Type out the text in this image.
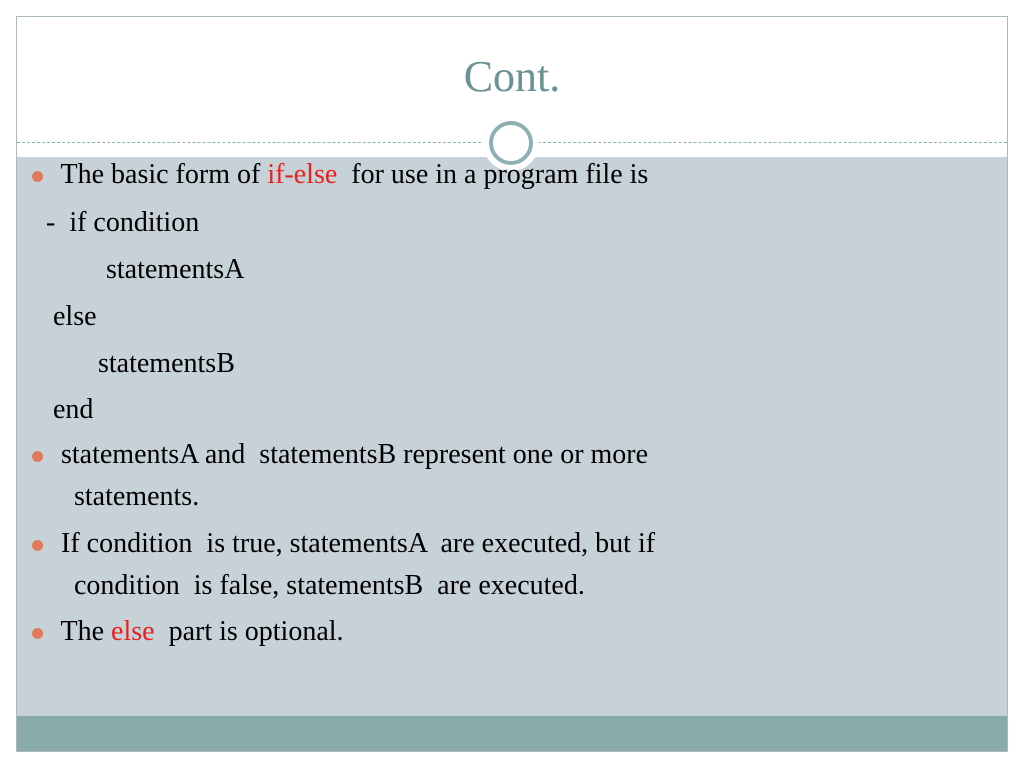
Cont.

The basic form of if-else  for use in a program file is

-  if condition
statementsA
else
statementsB
end

statementsA and  statementsB represent one or more

statements.

If condition  is true, statementsA  are executed, but if

condition  is false, statementsB  are executed.

The else  part is optional.
